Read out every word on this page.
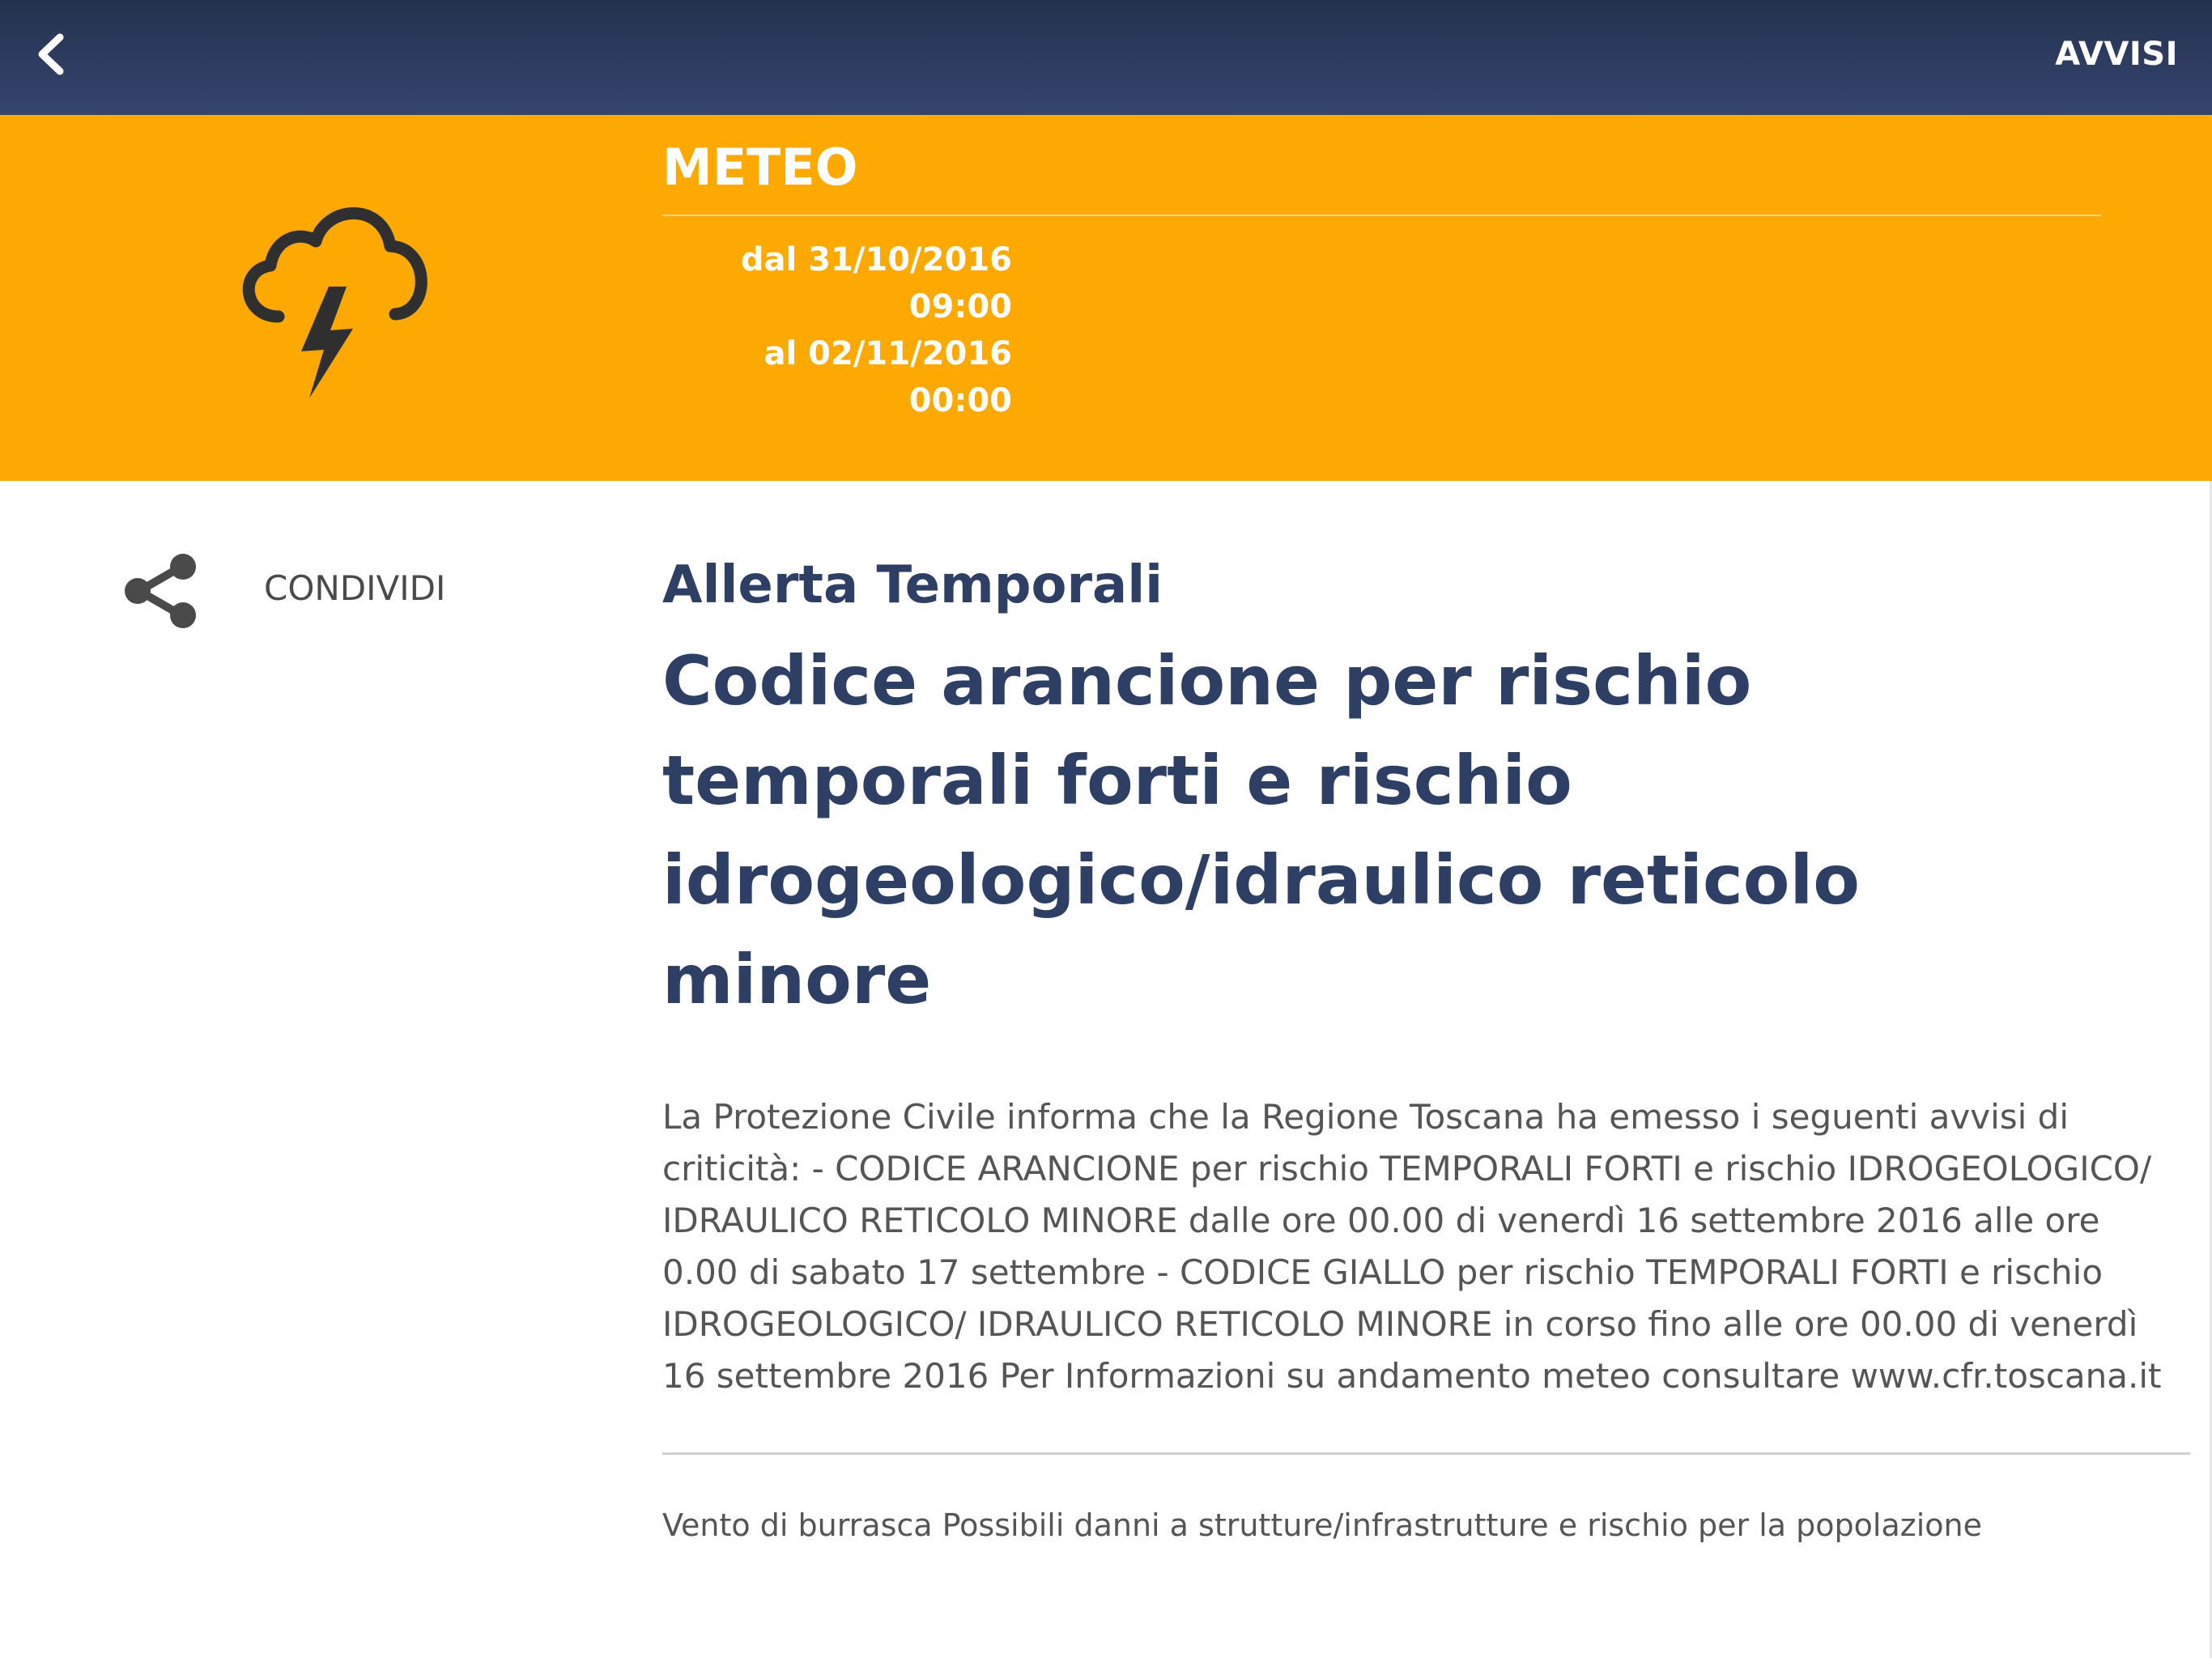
AVVISI
METEO
dal 31/10/2016 09:00
al 02/11/2016 00:00
CONDIVIDI	Allerta Temporali
Codice arancione per rischio temporali forti e rischio idrogeologico/idraulico reticolo minore

La Protezione Civile informa che la Regione Toscana ha emesso i seguenti avvisi di criticità: - CODICE ARANCIONE per rischio TEMPORALI FORTI e rischio IDROGEOLOGICO/ IDRAULICO RETICOLO MINORE dalle ore 00.00 di venerdì 16 settembre 2016 alle ore 0.00 di sabato 17 settembre - CODICE GIALLO per rischio TEMPORALI FORTI e rischio IDROGEOLOGICO/ IDRAULICO RETICOLO MINORE in corso fino alle ore 00.00 di venerdì 16 settembre 2016 Per Informazioni su andamento meteo consultare www.cfr.toscana.it

Vento di burrasca Possibili danni a strutture/infrastrutture e rischio per la popolazione
